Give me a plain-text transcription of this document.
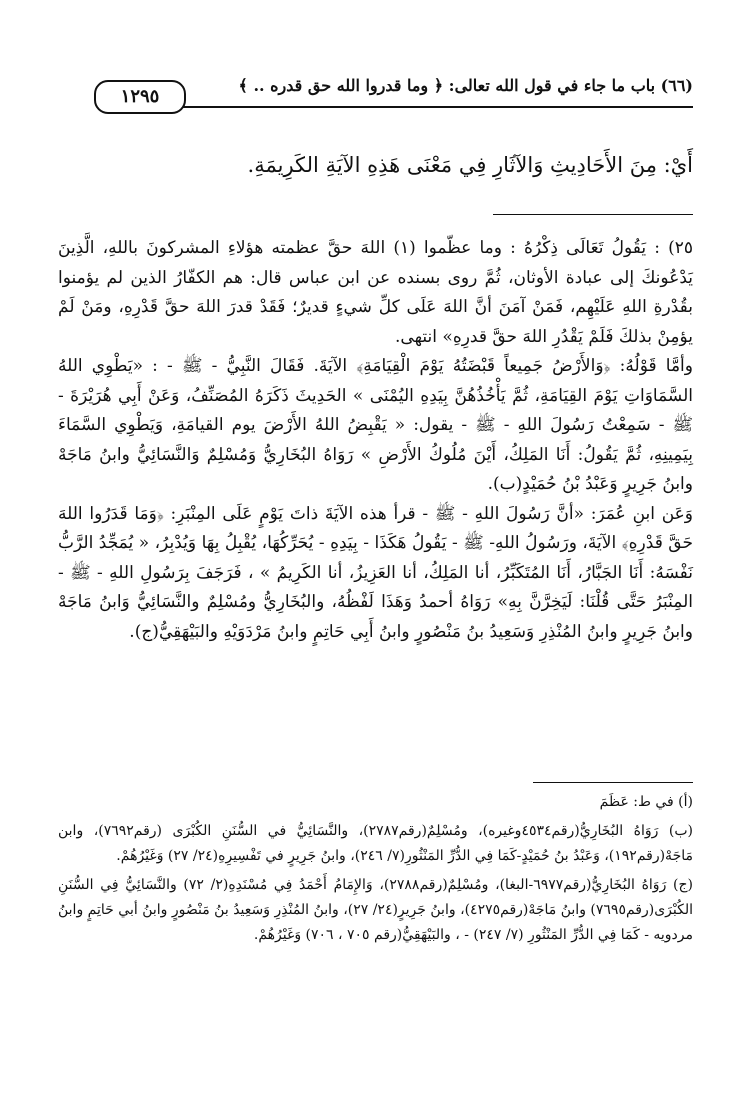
(٦٦) باب ما جاء في قول الله تعالى: ﴿ وما قدروا الله حق قدره .. ﴾
١٢٩٥
أَيْ: مِنَ الأَحَادِيثِ وَالآثَارِ فِي مَعْنَى هَذِهِ الآيَةِ الكَرِيمَةِ.

٢٥) : يَقُولُ تَعَالَى ذِكْرُهُ : وما عظّموا (١) اللهَ حقَّ عظمته هؤلاءِ المشركونَ باللهِ، الَّذِينَ يَدْعُونكَ إلى عبادة الأوثان، ثُمَّ روى بسنده عن ابن عباس قال: هم الكفّارُ الذين لم يؤمنوا بقُدْرةِ اللهِ عَلَيْهِم، فَمَنْ آمَنَ أنَّ اللهَ عَلَى كلِّ شيءٍ قديرٌ؛ فَقَدْ قدرَ اللهَ حقَّ قَدْرِهِ، ومَنْ لَمْ يؤمِنْ بذلكَ فَلَمْ يَقْدُرِ اللهَ حقَّ قدرِهِ» انتهى.

وأمَّا قَوْلُهُ: ﴿وَالأَرْضُ جَمِيعاً قَبْضَتُهُ يَوْمَ الْقِيَامَةِ﴾ الآيَةَ. فَقَالَ النَّبِيُّ - ﷺ - : «يَطْوِي اللهُ السَّمَاوَاتِ يَوْمَ القِيَامَةِ، ثُمَّ يَأْخُذُهُنَّ بِيَدِهِ اليُمْنَى » الحَدِيثَ ذَكَرَهُ المُصَنِّفُ، وَعَنْ أَبِي هُرَيْرَةَ - ﷺ - سَمِعْتُ رَسُولَ اللهِ - ﷺ - يقول: « يَقْبِضُ اللهُ الأَرْضَ يوم القيامَةِ، وَيَطْوِي السَّمَاءَ بِيَمِينِهِ، ثُمَّ يَقُولُ: أَنَا المَلِكُ، أَيْنَ مُلُوكُ الأَرْضِ » رَوَاهُ البُخَارِيُّ وَمُسْلِمٌ وَالنَّسَائِيُّ وابنُ مَاجَهْ وابنُ جَرِيرٍ وَعَبْدُ بْنُ حُمَيْدٍ(ب).

وَعَن ابنِ عُمَرَ: «أنَّ رَسُولَ اللهِ - ﷺ - قرأ هذه الآيَةَ ذاتَ يَوْمٍ عَلَى المِنْبَرِ: ﴿وَمَا قَدَرُوا اللهَ حَقَّ قَدْرِهِ﴾ الآيَةَ، ورَسُولُ اللهِ- ﷺ - يَقُولُ هَكَذَا - بِيَدِهِ - يُحَرِّكُهَا، يُقْبِلُ بِهَا وَيُدْبِرُ، « يُمَجِّدُ الرَّبُّ نَفْسَهُ: أَنَا الجَبَّارُ، أَنَا المُتَكَبِّرُ، أنا المَلِكُ، أنا العَزِيزُ، أنا الكَرِيمُ » ، فَرَجَفَ بِرَسُولِ اللهِ - ﷺ - المِنْبَرُ حَتَّى قُلْنَا: لَيَخِرَّنَّ بِهِ» رَوَاهُ أحمدُ وَهَذَا لَفْظُهُ، والبُخَارِيُّ ومُسْلِمٌ والنَّسَائِيُّ وَابنُ مَاجَهْ وابنُ جَرِيرٍ وابنُ المُنْذِرِ وَسَعِيدُ بنُ مَنْصُورٍ وابنُ أَبِي حَاتِمٍ وابنُ مَرْدَوَيْهِ والبَيْهَقِيُّ(ج).

(أ) في ط: عَظَمَ

(ب) رَوَاهُ البُخَارِيُّ(رقم٤٥٣٤وغيره)، ومُسْلِمٌ(رقم٢٧٨٧)، والنَّسَائِيُّ في السُّنَنِ الكُبْرَى (رقم٧٦٩٢)، وابن مَاجَهْ(رقم١٩٢)، وَعَبْدُ بنُ حُمَيْدٍ-كَمَا فِي الدُّرِّ المَنْثُورِ(٧/ ٢٤٦)، وابنُ جَرِيرٍ في تَفْسِيرِهِ(٢٤/ ٢٧) وَغَيْرُهُمْ.

(ج) رَوَاهُ البُخَارِيُّ(رقم٦٩٧٧-البغا)، ومُسْلِمٌ(رقم٢٧٨٨)، وَالإِمَامُ أَحْمَدُ فِي مُسْنَدِهِ(٢/ ٧٢) والنَّسَائِيُّ فِي السُّنَنِ الكُبْرَى(رقم٧٦٩٥) وابنُ مَاجَهْ(رقم٤٢٧٥)، وابنُ جَرِيرٍ(٢٤/ ٢٧)، وابنُ المُنْذِرِ وَسَعِيدُ بنُ مَنْصُورٍ وابنُ أبي حَاتِمٍ وابنُ مردويه - كَمَا فِي الدُّرِّ المَنْثُورِ (٧/ ٢٤٧) - ، والبَيْهَقِيُّ(رقم ٧٠٥ ، ٧٠٦) وَغَيْرُهُمْ.
